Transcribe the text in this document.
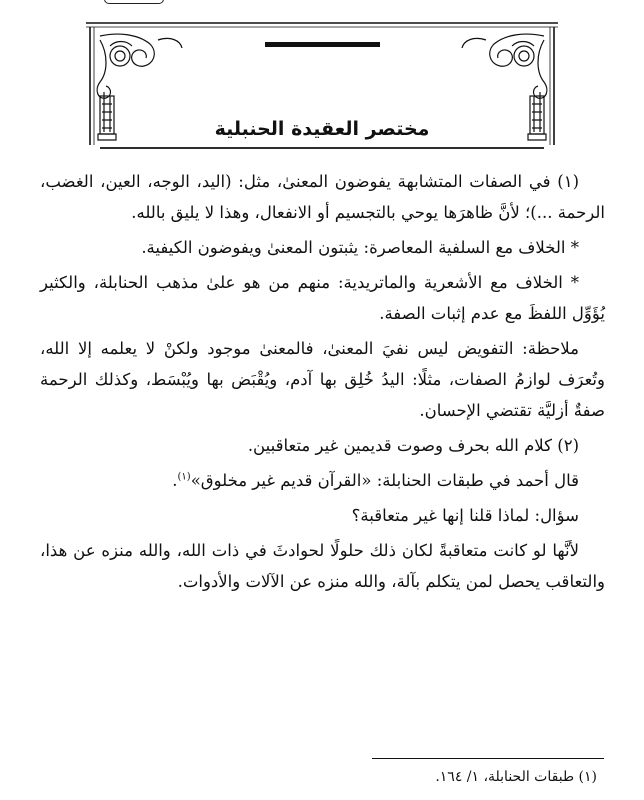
مختصر العقيدة الحنبلية

(١) في الصفات المتشابهة يفوضون المعنىٰ، مثل: (اليد، الوجه، العين، الغضب، الرحمة ...)؛ لأنَّ ظاهرَها يوحي بالتجسيم أو الانفعال، وهذا لا يليق بالله.

* الخلاف مع السلفية المعاصرة: يثبتون المعنىٰ ويفوضون الكيفية.

* الخلاف مع الأشعرية والماتريدية: منهم من هو علىٰ مذهب الحنابلة، والكثير يُؤَوِّل اللفظَ مع عدم إثبات الصفة.

ملاحظة: التفويض ليس نفيَ المعنىٰ، فالمعنىٰ موجود ولكنْ لا يعلمه إلا الله، وتُعرَف لوازمُ الصفات، مثلًا: اليدُ خُلِق بها آدم، ويُقْبَض بها ويُبْسَط، وكذلك الرحمة صفةٌ أزليَّة تقتضي الإحسان.

(٢) كلام الله بحرف وصوت قديمين غير متعاقبين.

قال أحمد في طبقات الحنابلة: «القرآن قديم غير مخلوق»$^{(١)}$.

سؤال: لماذا قلنا إنها غير متعاقبة؟

لأنَّها لو كانت متعاقبةً لكان ذلك حلولًا لحوادثَ في ذات الله، والله منزه عن هذا، والتعاقب يحصل لمن يتكلم بآلة، والله منزه عن الآلات والأدوات.

(١) طبقات الحنابلة، ١/ ١٦٤.
